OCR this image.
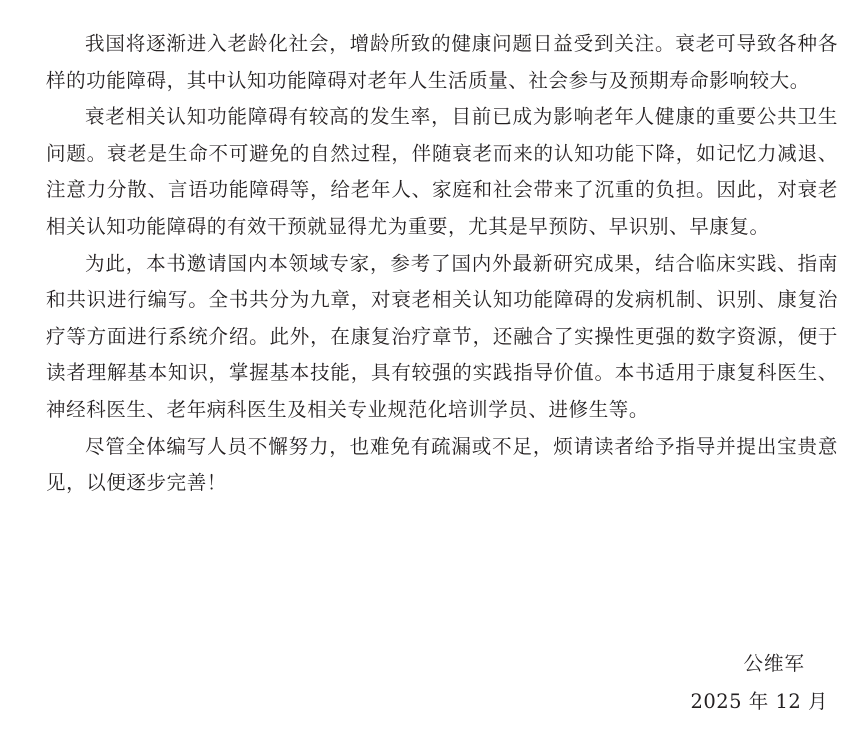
我国将逐渐进入老龄化社会，增龄所致的健康问题日益受到关注。衰老可导致各种各样的功能障碍，其中认知功能障碍对老年人生活质量、社会参与及预期寿命影响较大。

衰老相关认知功能障碍有较高的发生率，目前已成为影响老年人健康的重要公共卫生问题。衰老是生命不可避免的自然过程，伴随衰老而来的认知功能下降，如记忆力减退、注意力分散、言语功能障碍等，给老年人、家庭和社会带来了沉重的负担。因此，对衰老相关认知功能障碍的有效干预就显得尤为重要，尤其是早预防、早识别、早康复。

为此，本书邀请国内本领域专家，参考了国内外最新研究成果，结合临床实践、指南和共识进行编写。全书共分为九章，对衰老相关认知功能障碍的发病机制、识别、康复治疗等方面进行系统介绍。此外，在康复治疗章节，还融合了实操性更强的数字资源，便于读者理解基本知识，掌握基本技能，具有较强的实践指导价值。本书适用于康复科医生、神经科医生、老年病科医生及相关专业规范化培训学员、进修生等。

尽管全体编写人员不懈努力，也难免有疏漏或不足，烦请读者给予指导并提出宝贵意见，以便逐步完善！

公维军
2025 年 12 月
